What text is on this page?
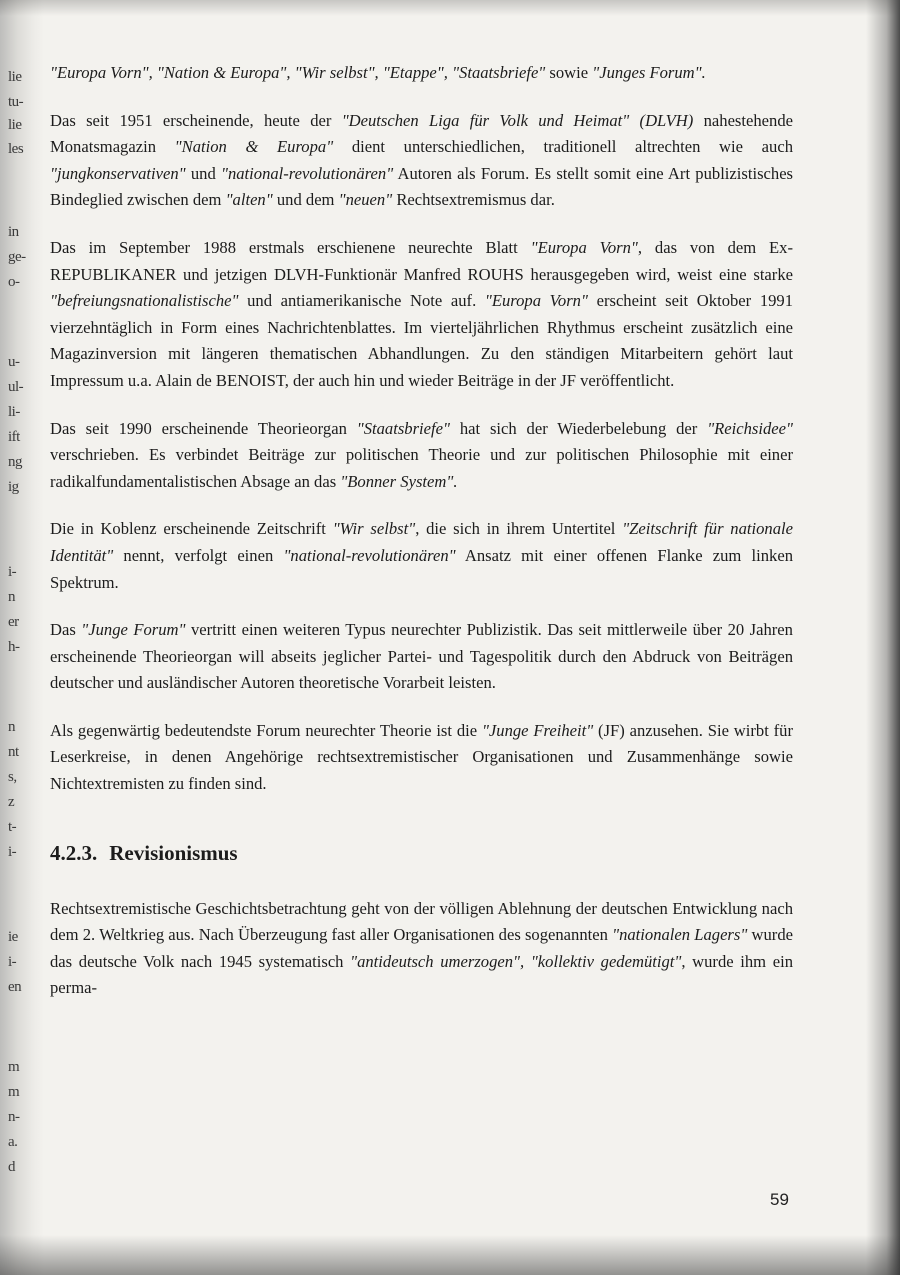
lie
tu-
lie
les
in
ge-
o-
u-
ul-
li-
ift
ng
ig
i-
n
er
h-
n
nt
s,
z
t-
i-
ie
i-
en
m
m
n-
a.
d

"Europa Vorn", "Nation & Europa", "Wir selbst", "Etappe", "Staatsbriefe" sowie "Junges Forum".

Das seit 1951 erscheinende, heute der "Deutschen Liga für Volk und Heimat" (DLVH) nahestehende Monatsmagazin "Nation & Europa" dient unterschiedlichen, traditionell altrechten wie auch "jungkonservativen" und "national-revolutionären" Autoren als Forum. Es stellt somit eine Art publizistisches Bindeglied zwischen dem "alten" und dem "neuen" Rechtsextremismus dar.

Das im September 1988 erstmals erschienene neurechte Blatt "Europa Vorn", das von dem Ex-REPUBLIKANER und jetzigen DLVH-Funktionär Manfred ROUHS herausgegeben wird, weist eine starke "befreiungsnationalistische" und antiamerikanische Note auf. "Europa Vorn" erscheint seit Oktober 1991 vierzehntäglich in Form eines Nachrichtenblattes. Im vierteljährlichen Rhythmus erscheint zusätzlich eine Magazinversion mit längeren thematischen Abhandlungen. Zu den ständigen Mitarbeitern gehört laut Impressum u.a. Alain de BENOIST, der auch hin und wieder Beiträge in der JF veröffentlicht.

Das seit 1990 erscheinende Theorieorgan "Staatsbriefe" hat sich der Wiederbelebung der "Reichsidee" verschrieben. Es verbindet Beiträge zur politischen Theorie und zur politischen Philosophie mit einer radikalfundamentalistischen Absage an das "Bonner System".

Die in Koblenz erscheinende Zeitschrift "Wir selbst", die sich in ihrem Untertitel "Zeitschrift für nationale Identität" nennt, verfolgt einen "national-revolutionären" Ansatz mit einer offenen Flanke zum linken Spektrum.

Das "Junge Forum" vertritt einen weiteren Typus neurechter Publizistik. Das seit mittlerweile über 20 Jahren erscheinende Theorieorgan will abseits jeglicher Partei- und Tagespolitik durch den Abdruck von Beiträgen deutscher und ausländischer Autoren theoretische Vorarbeit leisten.

Als gegenwärtig bedeutendste Forum neurechter Theorie ist die "Junge Freiheit" (JF) anzusehen. Sie wirbt für Leserkreise, in denen Angehörige rechtsextremistischer Organisationen und Zusammenhänge sowie Nichtextremisten zu finden sind.

4.2.3. Revisionismus

Rechtsextremistische Geschichtsbetrachtung geht von der völligen Ablehnung der deutschen Entwicklung nach dem 2. Weltkrieg aus. Nach Überzeugung fast aller Organisationen des sogenannten "nationalen Lagers" wurde das deutsche Volk nach 1945 systematisch "antideutsch umerzogen", "kollektiv gedemütigt", wurde ihm ein perma-

59
